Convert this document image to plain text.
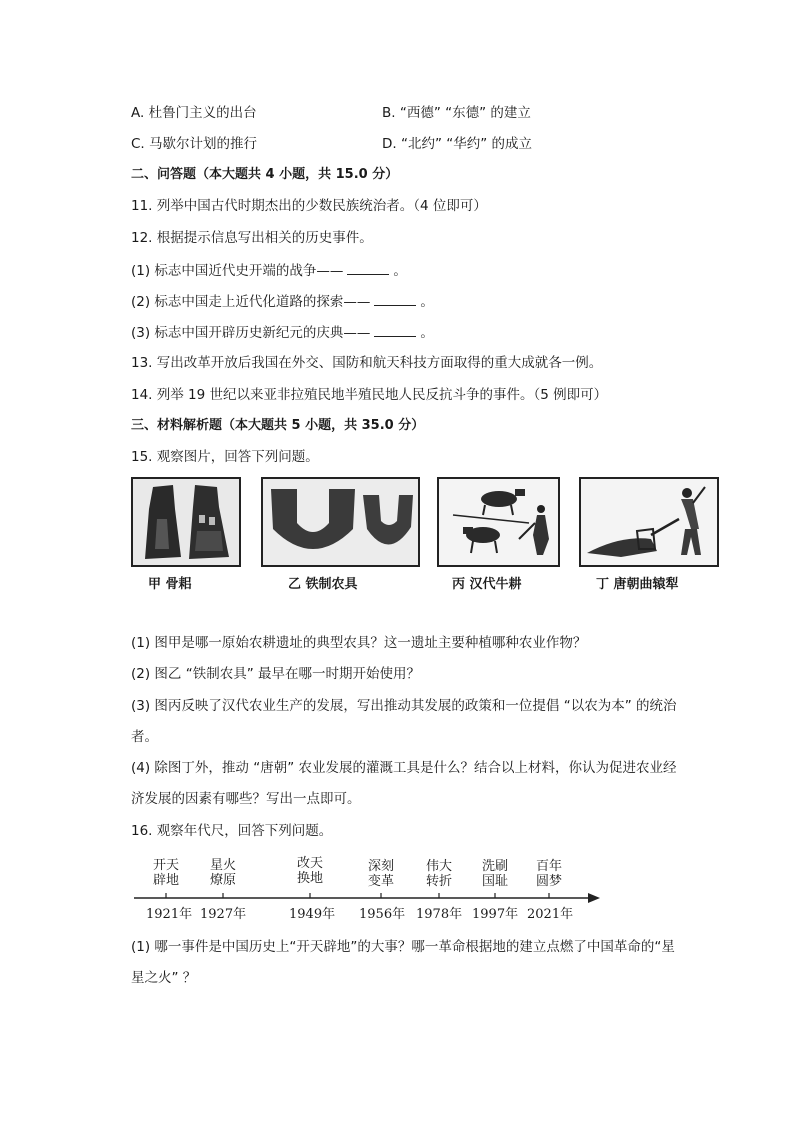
A. 杜鲁门主义的出台	B. “西德” “东德” 的建立
C. 马歇尔计划的推行	D. “北约” “华约” 的成立
二、问答题（本大题共 4 小题，共 15.0 分）
11. 列举中国古代时期杰出的少数民族统治者。（4 位即可）
12. 根据提示信息写出相关的历史事件。
(1) 标志中国近代史开端的战争——	。
(2) 标志中国走上近代化道路的探索——	。
(3) 标志中国开辟历史新纪元的庆典——	。
13. 写出改革开放后我国在外交、国防和航天科技方面取得的重大成就各一例。
14. 列举 19 世纪以来亚非拉殖民地半殖民地人民反抗斗争的事件。（5 例即可）
三、材料解析题（本大题共 5 小题，共 35.0 分）
15. 观察图片，回答下列问题。
甲 骨耜	乙 铁制农具	丙 汉代牛耕	丁 唐朝曲辕犁
(1) 图甲是哪一原始农耕遗址的典型农具？这一遗址主要种植哪种农业作物？
(2) 图乙 “铁制农具” 最早在哪一时期开始使用？
(3) 图丙反映了汉代农业生产的发展，写出推动其发展的政策和一位提倡 “以农为本” 的统治
者。
(4) 除图丁外，推动 “唐朝” 农业发展的灌溉工具是什么？结合以上材料，你认为促进农业经
济发展的因素有哪些？写出一点即可。
16. 观察年代尺，回答下列问题。
开天
辟地
星火
燎原
改天
换地
深刻
变革
伟大
转折
洗刷
国耻
百年
圆梦
1921年 1927年	1949年 1956年 1978年 1997年 2021年
(1) 哪一事件是中国历史上“开天辟地”的大事？哪一革命根据地的建立点燃了中国革命的“星
星之火” ？
